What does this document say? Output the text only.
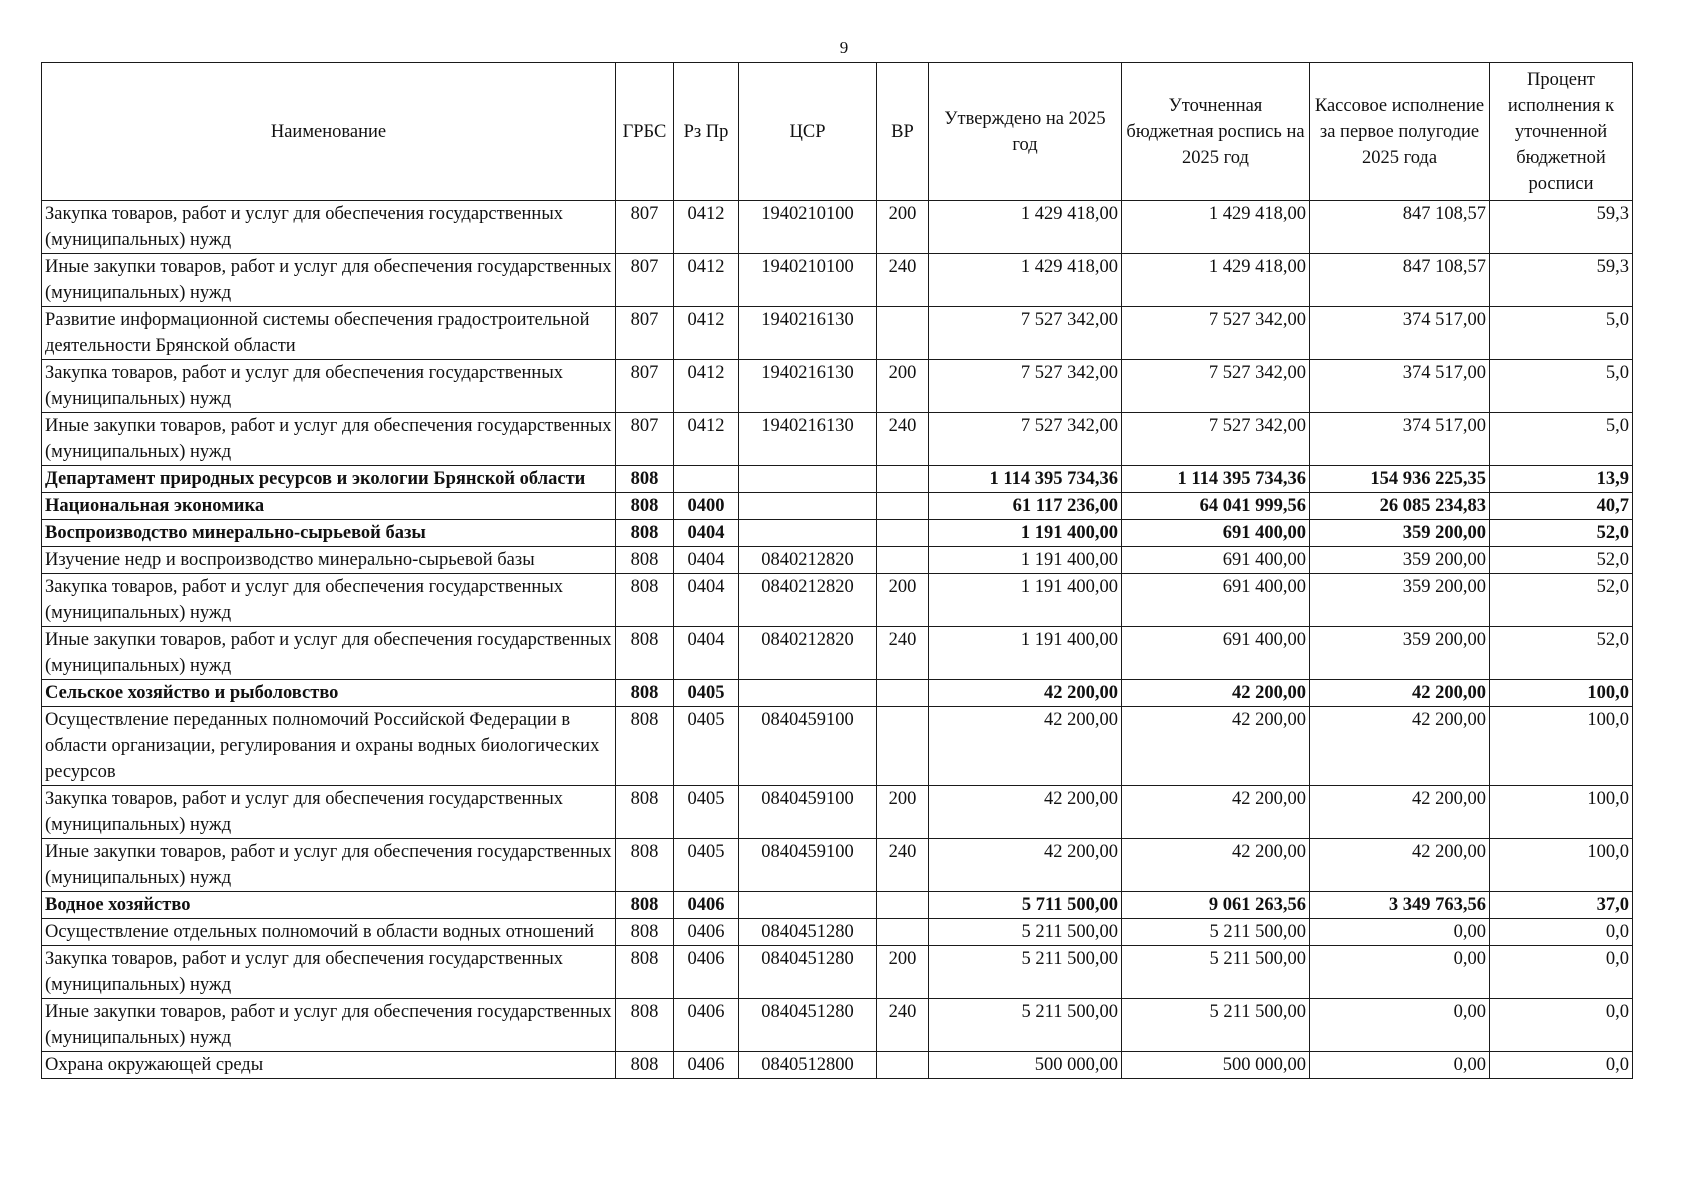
9
Наименование	ГРБС	Рз Пр	ЦСР	ВР	Утверждено на 2025 год	Уточненная бюджетная роспись на 2025 год	Кассовое исполнение за первое полугодие 2025 года	Процент исполнения к уточненной бюджетной росписи
Закупка товаров, работ и услуг для обеспечения государственных (муниципальных) нужд	807	0412	1940210100	200	1 429 418,00	1 429 418,00	847 108,57	59,3
Иные закупки товаров, работ и услуг для обеспечения государственных (муниципальных) нужд	807	0412	1940210100	240	1 429 418,00	1 429 418,00	847 108,57	59,3
Развитие информационной системы обеспечения градостроительной деятельности Брянской области	807	0412	1940216130		7 527 342,00	7 527 342,00	374 517,00	5,0
Закупка товаров, работ и услуг для обеспечения государственных (муниципальных) нужд	807	0412	1940216130	200	7 527 342,00	7 527 342,00	374 517,00	5,0
Иные закупки товаров, работ и услуг для обеспечения государственных (муниципальных) нужд	807	0412	1940216130	240	7 527 342,00	7 527 342,00	374 517,00	5,0
Департамент природных ресурсов и экологии Брянской области	808				1 114 395 734,36	1 114 395 734,36	154 936 225,35	13,9
Национальная экономика	808	0400			61 117 236,00	64 041 999,56	26 085 234,83	40,7
Воспроизводство минерально-сырьевой базы	808	0404			1 191 400,00	691 400,00	359 200,00	52,0
Изучение недр и воспроизводство минерально-сырьевой базы	808	0404	0840212820		1 191 400,00	691 400,00	359 200,00	52,0
Закупка товаров, работ и услуг для обеспечения государственных (муниципальных) нужд	808	0404	0840212820	200	1 191 400,00	691 400,00	359 200,00	52,0
Иные закупки товаров, работ и услуг для обеспечения государственных (муниципальных) нужд	808	0404	0840212820	240	1 191 400,00	691 400,00	359 200,00	52,0
Сельское хозяйство и рыболовство	808	0405			42 200,00	42 200,00	42 200,00	100,0
Осуществление переданных полномочий Российской Федерации в области организации, регулирования и охраны водных биологических ресурсов	808	0405	0840459100		42 200,00	42 200,00	42 200,00	100,0
Закупка товаров, работ и услуг для обеспечения государственных (муниципальных) нужд	808	0405	0840459100	200	42 200,00	42 200,00	42 200,00	100,0
Иные закупки товаров, работ и услуг для обеспечения государственных (муниципальных) нужд	808	0405	0840459100	240	42 200,00	42 200,00	42 200,00	100,0
Водное хозяйство	808	0406			5 711 500,00	9 061 263,56	3 349 763,56	37,0
Осуществление отдельных полномочий в области водных отношений	808	0406	0840451280		5 211 500,00	5 211 500,00	0,00	0,0
Закупка товаров, работ и услуг для обеспечения государственных (муниципальных) нужд	808	0406	0840451280	200	5 211 500,00	5 211 500,00	0,00	0,0
Иные закупки товаров, работ и услуг для обеспечения государственных (муниципальных) нужд	808	0406	0840451280	240	5 211 500,00	5 211 500,00	0,00	0,0
Охрана окружающей среды	808	0406	0840512800		500 000,00	500 000,00	0,00	0,0
